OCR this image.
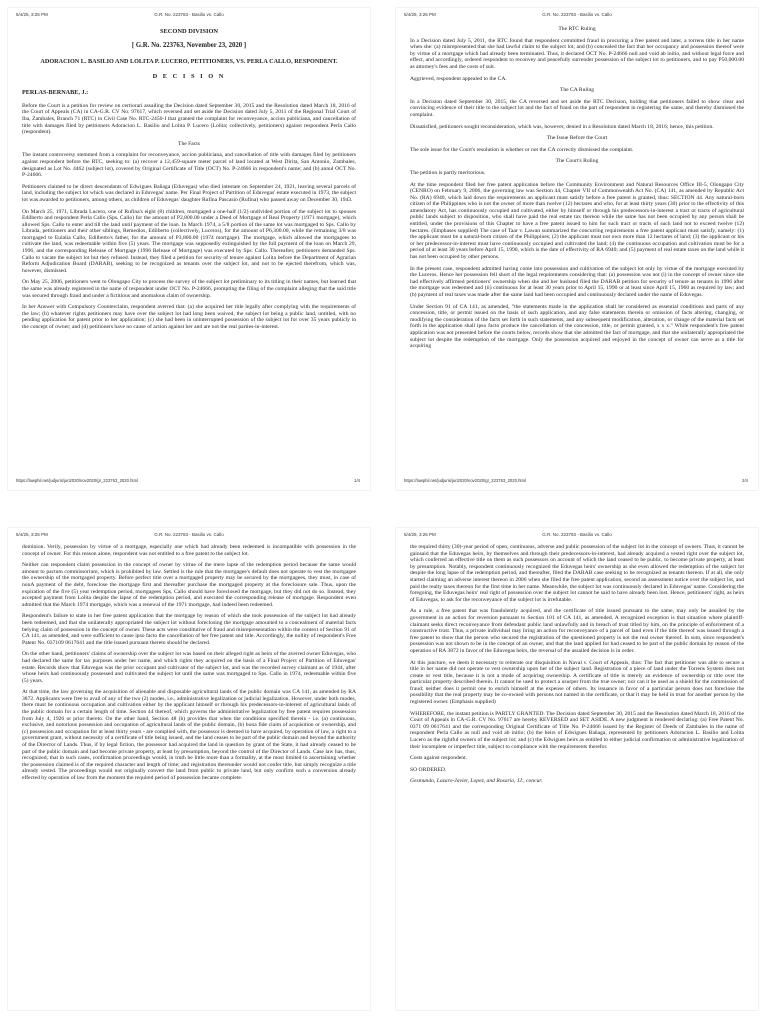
5/4/25, 3:25 PM	G.R. No. 223763 - Basilio vs. Callo
SECOND DIVISION
[ G.R. No. 223763, November 23, 2020 ]
ADORACION L. BASILIO AND LOLITA P. LUCERO, PETITIONERS, VS. PERLA CALLO, RESPONDENT.
D E C I S I O N
PERLAS-BERNABE, J.:

Before the Court is a petition for review on certiorari assailing the Decision dated September 30, 2015 and the Resolution dated March 18, 2016 of the Court of Appeals (CA) in CA-G.R. CV No. 97617, which reversed and set aside the Decision dated July 5, 2011 of the Regional Trial Court of Iba, Zambales, Branch 71 (RTC) in Civil Case No. RTC-2450-I that granted the complaint for reconveyance, accion publiciana, and cancellation of title with damages filed by petitioners Adoracion L. Basilio and Lolita P. Lucero (Lolita; collectively, petitioners) against respondent Perla Callo (respondent).

The Facts

The instant controversy stemmed from a complaint for reconveyance, accion publiciana, and cancellation of title with damages filed by petitioners against respondent before the RTC, seeking to: (a) recover a 12,459-square meter parcel of land located at West Dirita, San Antonio, Zambales, designated as Lot No. 4462 (subject lot), covered by Original Certificate of Title (OCT) No. P-24666 in respondent's name; and (b) annul OCT No. P-24666.

Petitioners claimed to be direct descendants of Edwigues Bañaga (Eduvegas) who died intestate on September 24, 1921, leaving several parcels of land, including the subject lot which was declared in Eduvegas' name. Per Final Project of Partition of Eduvegas' estate executed in 1973, the subject lot was awarded to petitioners, among others, as children of Eduvegas' daughter Rufina Pascasio (Rufina) who passed away on December 30, 1943.

On March 25, 1971, Librada Lucero, one of Rufina's eight (8) children, mortgaged a one-half (1/2) undivided portion of the subject lot to spouses Edilberto and respondent Perla Callo (Sps. Callo) for the amount of P2,800.00 under a Deed of Mortgage of Real Property (1971 mortgage), which allowed Sps. Callo to enter and till the land until payment of the loan. In March 1974, a 5/8 portion of the same lot was mortgaged to Sps. Callo by Librada, petitioners and their other siblings, Remedios, Edilberto (collectively, Luceros), for the amount of P6,300.00, while the remaining 3/8 was mortgaged to Eulalia Callo, Edilberto's father, for the amount of P3,800.00 (1974 mortgage). The mortgage, which allowed the mortgagees to cultivate the land, was redeemable within five (5) years. The mortgage was supposedly extinguished by the full payment of the loan on March 29, 1996, and the corresponding Release of Mortgage (1996 Release of Mortgage) was executed by Sps. Callo. Thereafter, petitioners demanded Sps. Callo to vacate the subject lot but they refused. Instead, they filed a petition for security of tenure against Lolita before the Department of Agrarian Reform Adjudication Board (DARAB), seeking to be recognized as tenants over the subject lot, and not to be ejected therefrom, which was, however, dismissed.

On May 25, 2006, petitioners went to Olongapo City to process the survey of the subject lot preliminary to its titling in their names, but learned that the same was already registered in the name of respondent under OCT No. P-24666, prompting the filing of the complaint alleging that the said title was secured through fraud and under a fictitious and anomalous claim of ownership.

In her Answer with Compulsory Counterclaim, respondent averred that: (a) she acquired her title legally after complying with the requirements of the law; (b) whatever rights petitioners may have over the subject lot had long been waived, the subject lot being a public land, untitled, with no pending application for patent prior to her application; (c) she had been in uninterrupted possession of the subject lot for over 35 years publicly in the concept of owner; and (d) petitioners have no cause of action against her and are not the real parties-in-interest.

https://lawphil.net/judjuris/juri2020/nov2020/gr_223763_2020.html	1/4
5/4/25, 3:25 PM	G.R. No. 223763 - Basilio vs. Callo
The RTC Ruling

In a Decision dated July 5, 2011, the RTC found that respondent committed fraud in procuring a free patent and later, a torrens title in her name when she: (a) misrepresented that she had lawful claim to the subject lot; and (b) concealed the fact that her occupancy and possession thereof were by virtue of a mortgage which had already been terminated. Thus, it declared OCT No. P-24666 null and void ab initio, and without legal force and effect, and accordingly, ordered respondent to reconvey and peacefully surrender possession of the subject lot to petitioners, and to pay P50,000.00 as attorney's fees and the costs of suit.

Aggrieved, respondent appealed to the CA.

The CA Ruling

In a Decision dated September 30, 2015, the CA reversed and set aside the RTC Decision, holding that petitioners failed to show clear and convincing evidence of their title to the subject lot and the fact of fraud on the part of respondent in registering the same, and thereby dismissed the complaint.

Dissatisfied, petitioners sought reconsideration, which was, however, denied in a Resolution dated March 18, 2016; hence, this petition.

The Issue Before the Court

The sole issue for the Court's resolution is whether or not the CA correctly dismissed the complaint.

The Court's Ruling

The petition is partly meritorious.

At the time respondent filed her free patent application before the Community Environment and Natural Resources Office III-5, Olongapo City (CENRO) on February 9, 2006, the governing law was Section 44, Chapter VII of Commonwealth Act No. (CA) 141, as amended by Republic Act No. (RA) 6940, which laid down the requirements an applicant must satisfy before a free patent is granted, thus: SECTION 44. Any natural-born citizen of the Philippines who is not the owner of more than twelve (12) hectares and who, for at least thirty years (30) prior to the effectivity of this amendatory Act, has continuously occupied and cultivated, either by himself or through his predecessors-in-interest a tract or tracts of agricultural public lands subject to disposition, who shall have paid the real estate tax thereon while the same has not been occupied by any person shall be entitled, under the provisions of this Chapter to have a free patent issued to him for such tract or tracts of such land not to exceed twelve (12) hectares. (Emphases supplied) The case of Taar v. Lawan summarized the concurring requirements a free patent applicant must satisfy, namely: (1) the applicant must be a natural-born citizen of the Philippines; (2) the applicant must not own more than 12 hectares of land; (3) the applicant or his or her predecessor-in-interest must have continuously occupied and cultivated the land; (4) the continuous occupation and cultivation must be for a period of at least 30 years before April 15, 1990, which is the date of effectivity of RA 6940; and (5) payment of real estate taxes on the land while it has not been occupied by other persons.

In the present case, respondent admitted having come into possession and cultivation of the subject lot only by virtue of the mortgage executed by the Luceros. Hence her possession fell short of the legal requirements considering that: (a) possession was not (i) in the concept of owner since she had effectively affirmed petitioners' ownership when she and her husband filed the DARAB petition for security of tenure as tenants in 1996 after the mortgage was redeemed and (ii) continuous for at least 30 years prior to April 15, 1990 or at least since April 15, 1960 as required by law; and (b) payment of real taxes was made after the same land had been occupied and continuously declared under the name of Eduvegas.

Under Section 91 of CA 141, as amended, "the statements made in the application shall be considered as essential conditions and parts of any concession, title, or permit issued on the basis of such application, and any false statements therein or omission of facts altering, changing, or modifying the consideration of the facts set forth in such statements, and any subsequent modification, alteration, or change of the material facts set forth in the application shall ipso facto produce the cancellation of the concession, title, or permit granted, x x x." While respondent's free patent application was not presented before the courts below, records show that she admitted the fact of mortgage, and that she unilaterally appropriated the subject lot despite the redemption of the mortgage. Only the possession acquired and enjoyed in the concept of owner can serve as a title for acquiring

https://lawphil.net/judjuris/juri2020/nov2020/gr_223763_2020.html	2/4
5/4/25, 3:25 PM	G.R. No. 223763 - Basilio vs. Callo

dominion. Verily, possession by virtue of a mortgage, especially one which had already been redeemed is incompatible with possession in the concept of owner. For this reason alone, respondent was not entitled to a free patent to the subject lot.

Neither can respondent claim possession in the concept of owner by virtue of the mere lapse of the redemption period because the same would amount to pactum commissorium, which is prohibited by law. Settled is the rule that the mortgagee's default does not operate to vest the mortgagee the ownership of the mortgaged property. Before perfect title over a mortgaged property may be secured by the mortgagees, they must, in case of nonA payment of the debt, foreclose the mortgage first and thereafter purchase the mortgaged property at the foreclosure sale. Thus, upon the expiration of the five (5) year redemption period, mortgagees Sps. Callo should have foreclosed the mortgage, but they did not do so. Instead, they accepted payment from Lolita despite the lapse of the redemption period, and executed the corresponding release of mortgage. Respondent even admitted that the March 1974 mortgage, which was a renewal of the 1971 mortgage, had indeed been redeemed.

Respondent's failure to state in her free patent application that the mortgage by reason of which she took possession of the subject lot had already been redeemed, and that she unilaterally appropriated the subject lot without foreclosing the mortgage amounted to a concealment of material facts belying claim of possession in the concept of owner. These acts were constitutive of fraud and misrepresentation within the context of Section 91 of CA 141, as amended, and were sufficient to cause ipso facto the cancellation of her free patent and title. Accordingly, the nullity of respondent's Free Patent No. 037109 0617641 and the title issued pursuant thereto should be declared.

On the other hand, petitioners' claims of ownership over the subject lot was based on their alleged right as heirs of the averred owner Eduvegas, who had declared the same for tax purposes under her name, and which rights they acquired on the basis of a Final Project of Partition of Eduvegas' estate. Records show that Eduvegas was the prior occupant and cultivator of the subject lot, and was the recorded survey claimant as of 1944, after whose heirs had continuously possessed and cultivated the subject lot until the same was mortgaged to Sps. Callo in 1974, redeemable within five (5) years.

At that time, the law governing the acquisition of alienable and disposable agricultural lands of the public domain was CA 141, as amended by RA 3872. Applicants were free to avail of any of the two (2) modes, i.e., administrative legalization or judicial legalization. However, under both modes, there must be continuous occupation and cultivation either by the applicant himself or through his predecessors-in-interest of agricultural lands of the public domain for a certain length of time. Section 44 thereof, which governs the administrative legalization by free patent requires possession from July 4, 1926 or prior thereto. On the other hand, Section 48 (b) provides that when the conditions specified therein - i.e. (a) continuous, exclusive, and notorious possession and occupation of agricultural lands of the public domain, (b) bona fide claim of acquisition or ownership, and (c) possession and occupation for at least thirty years - are complied with, the possessor is deemed to have acquired, by operation of law, a right to a government grant, without necessity of a certificate of title being issued, and the land ceases to be part of the public domain and beyond the authority of the Director of Lands. Thus, if by legal fiction, the possessor had acquired the land in question by grant of the State, it had already ceased to be part of the public domain and had become private property, at least by presumption, beyond the control of the Director of Lands. Case law has, thus, recognized, that in such cases, confirmation proceedings would, in truth be little more than a formality, at the most limited to ascertaining whether the possession claimed is of the required character and length of time; and registration thereunder would not confer title, but simply recognize a title already vested. The proceedings would not originally convert the land from public to private land, but only confirm such a conversion already effected by operation of law from the moment the required period of possession became complete.

5/4/25, 3:25 PM	G.R. No. 223763 - Basilio vs. Callo

the required thirty (30)-year period of open, continuous, adverse and public possession of the subject lot in the concept of owners. Thus, it cannot be gainsaid that the Eduvegas heirs, by themselves and through their predecessors-in-interest, had already acquired a vested right over the subject lot, which conferred an effective title on them as such possessors on account of which the land ceased to be public, to become private property, at least by presumption. Notably, respondent continuously recognized the Eduvegas heirs' ownership as she even allowed the redemption of the subject lot despite the long lapse of the redemption period, and thereafter, filed the DARAB case seeking to be recognized as tenants thereon. If at all, she only started claiming an adverse interest thereon in 2006 when she filed the free patent application, second an assessment notice over the subject lot, and paid the realty taxes thereon for the first time in her name. Meanwhile, the subject lot was continuously declared in Eduvegas' name. Considering the foregoing, the Eduvegas heirs' real right of possession over the subject lot cannot be said to have already been lost. Hence, petitioners' right, as heirs of Eduvegas, to ask for the reconveyance of the subject lot is irrefutable.

As a rule, a free patent that was fraudulently acquired, and the certificate of title issued pursuant to the same, may only be assailed by the government in an action for reversion pursuant to Section 101 of CA 141, as amended. A recognized exception is that situation where plaintiff-claimant seeks direct reconveyance from defendant public land unlawfully and in breach of trust titled by him, on the principle of enforcement of a constructive trust. Thus, a private individual may bring an action for reconveyance of a parcel of land even if the title thereof was issued through a free patent to show that the person who secured the registration of the questioned property is not the real owner thereof. In sum, since respondent's possession was not shown to be in the concept of an owner, and that the land applied for had ceased to be part of the public domain by reason of the operation of RA 3872 in favor of the Eduvegas heirs, the reversal of the assailed decision is in order.

At this juncture, we deem it necessary to reiterate our disquisition in Naval v. Court of Appeals, thus: The fact that petitioner was able to secure a title in her name did not operate to vest ownership upon her of the subject land. Registration of a piece of land under the Torrens System does not create or vest title, because it is not a mode of acquiring ownership. A certificate of title is merely an evidence of ownership or title over the particular property described therein. It cannot be used to protect a usurper from the true owner; nor can it be used as a shield for the commission of fraud; neither does it permit one to enrich himself at the expense of others. Its issuance in favor of a particular person does not foreclose the possibility that the real property may be co-owned with persons not named in the certificate, or that it may be held in trust for another person by the registered owner. (Emphasis supplied)

WHEREFORE, the instant petition is PARTLY GRANTED. The Decision dated September 30, 2015 and the Resolution dated March 18, 2016 of the Court of Appeals in CA-G.R. CV No. 97617 are hereby REVERSED and SET ASIDE. A new judgment is rendered declaring: (a) Free Patent No. 0371 09 0617641 and the corresponding Original Certificate of Title No. P-24666 issued by the Register of Deeds of Zambales in the name of respondent Perla Callo as null and void ab initio; (b) the heirs of Edwigues Bañaga, represented by petitioners Adoracion L. Basilio and Lolita Lucero as the rightful owners of the subject lot; and (c) the Edwigues heirs as entitled to either judicial confirmation or administrative legalization of their incomplete or imperfect title, subject to compliance with the requirements therefor.

Costs against respondent.

SO ORDERED.

Gesmundo, Lazaro-Javier, Lopez, and Rosario, JJ., concur.
